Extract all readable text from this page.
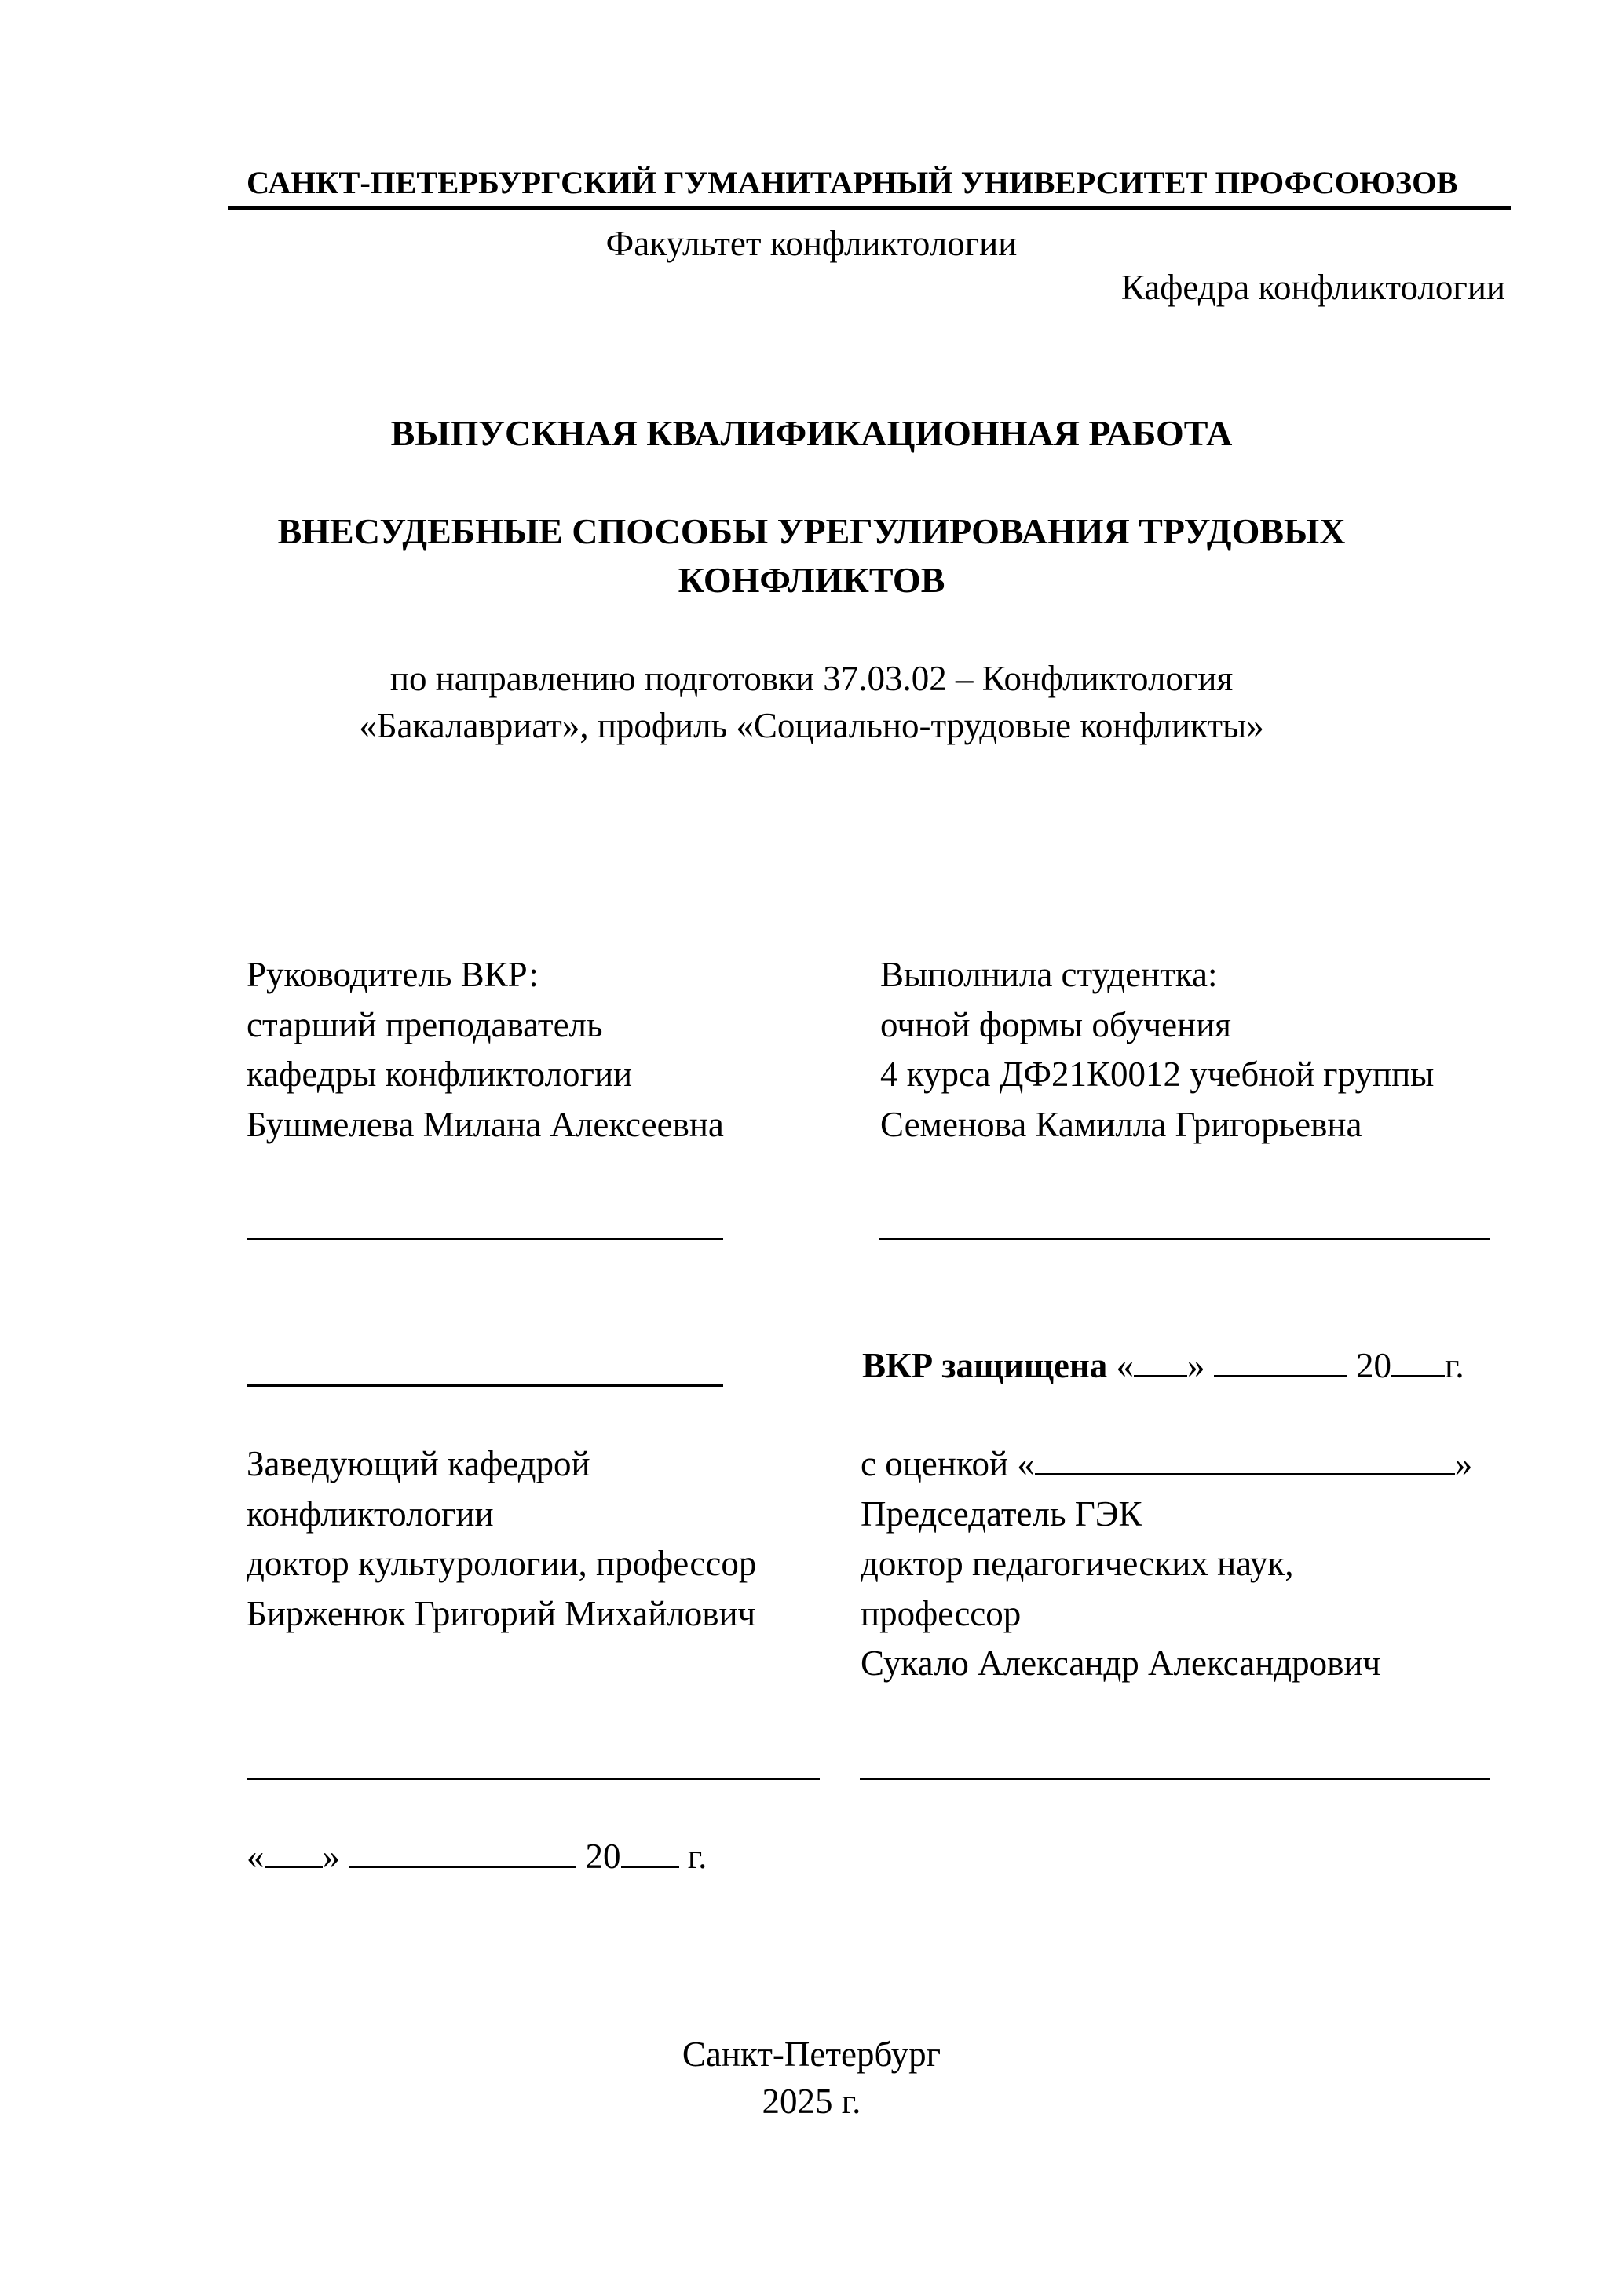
САНКТ-ПЕТЕРБУРГСКИЙ ГУМАНИТАРНЫЙ УНИВЕРСИТЕТ ПРОФСОЮЗОВ
Факультет конфликтологии
Кафедра конфликтологии
ВЫПУСКНАЯ КВАЛИФИКАЦИОННАЯ РАБОТА
ВНЕСУДЕБНЫЕ СПОСОБЫ УРЕГУЛИРОВАНИЯ ТРУДОВЫХ
КОНФЛИКТОВ
по направлению подготовки 37.03.02 – Конфликтология
«Бакалавриат», профиль «Социально-трудовые конфликты»
Руководитель ВКР:
старший преподаватель
кафедры конфликтологии
Бушмелева Милана Алексеевна
Выполнила студентка:
очной формы обучения
4 курса ДФ21К0012 учебной группы
Семенова Камилла Григорьевна
ВКР защищена « »	20 г.
Заведующий кафедрой
конфликтологии
доктор культурологии, профессор
Бирженюк Григорий Михайлович
с оценкой «	»
Председатель ГЭК
доктор педагогических наук,
профессор
Сукало Александр Александрович
« »	20 г.
Санкт-Петербург
2025 г.
